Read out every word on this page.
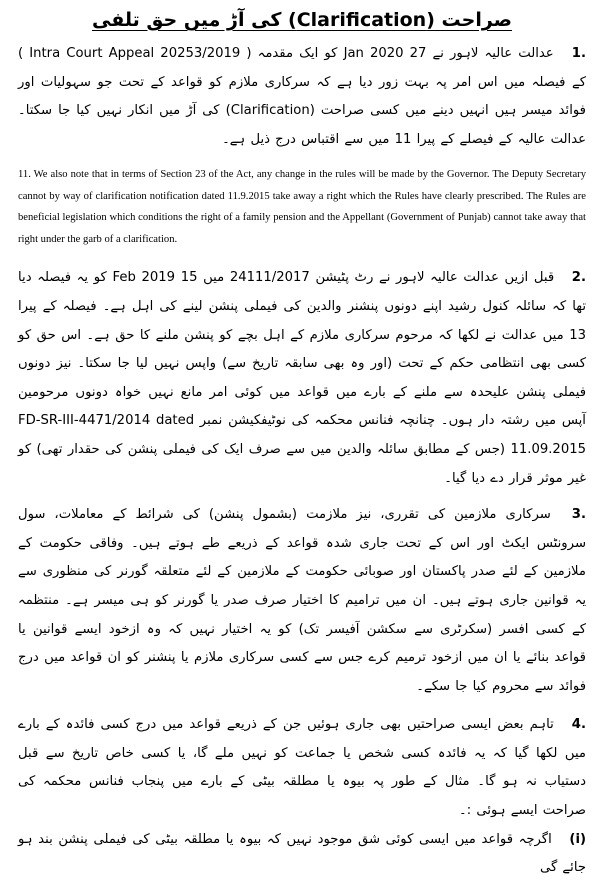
صراحت (Clarification) کی آڑ میں حق تلفی

.1 عدالت عالیہ لاہور نے 27 Jan 2020 کو ایک مقدمہ ( Intra Court Appeal 20253/2019 ) کے فیصلہ میں اس امر پہ بہت زور دیا ہے کہ سرکاری ملازم کو قواعد کے تحت جو سہولیات اور فوائد میسر ہیں انہیں دینے میں کسی صراحت (Clarification) کی آڑ میں انکار نہیں کیا جا سکتا۔ عدالت عالیہ کے فیصلے کے پیرا 11 میں سے اقتباس درج ذیل ہے۔

11. We also note that in terms of Section 23 of the Act, any change in the rules will be made by the Governor. The Deputy Secretary cannot by way of clarification notification dated 11.9.2015 take away a right which the Rules have clearly prescribed. The Rules are beneficial legislation which conditions the right of a family pension and the Appellant (Government of Punjab) cannot take away that right under the garb of a clarification.

.2 قبل ازیں عدالت عالیہ لاہور نے رٹ پٹیشن 24111/2017 میں 15 Feb 2019 کو یہ فیصلہ دیا تھا کہ سائلہ کنول رشید اپنے دونوں پنشنر والدین کی فیملی پنشن لینے کی اہل ہے۔ فیصلہ کے پیرا 13 میں عدالت نے لکھا کہ مرحوم سرکاری ملازم کے اہل بچے کو پنشن ملنے کا حق ہے۔ اس حق کو کسی بھی انتظامی حکم کے تحت (اور وہ بھی سابقہ تاریخ سے) واپس نہیں لیا جا سکتا۔ نیز دونوں فیملی پنشن علیحدہ سے ملنے کے بارے میں قواعد میں کوئی امر مانع نہیں خواہ دونوں مرحومین آپس میں رشتہ دار ہوں۔ چنانچہ فنانس محکمہ کی نوٹیفکیشن نمبر FD-SR-III-4471/2014 dated 11.09.2015 (جس کے مطابق سائلہ والدین میں سے صرف ایک کی فیملی پنشن کی حقدار تھی) کو غیر موثر قرار دے دیا گیا۔

.3 سرکاری ملازمین کی تقرری، نیز ملازمت (بشمول پنشن) کی شرائط کے معاملات، سول سرونٹس ایکٹ اور اس کے تحت جاری شدہ قواعد کے ذریعے طے ہوتے ہیں۔ وفاقی حکومت کے ملازمین کے لئے صدر پاکستان اور صوبائی حکومت کے ملازمین کے لئے متعلقہ گورنر کی منظوری سے یہ قوانین جاری ہوتے ہیں۔ ان میں ترامیم کا اختیار صرف صدر یا گورنر کو ہی میسر ہے۔ منتظمہ کے کسی افسر (سکرٹری سے سکشن آفیسر تک) کو یہ اختیار نہیں کہ وہ ازخود ایسے قوانین یا قواعد بنائے یا ان میں ازخود ترمیم کرے جس سے کسی سرکاری ملازم یا پنشنر کو ان قواعد میں درج فوائد سے محروم کیا جا سکے۔

.4 تاہم بعض ایسی صراحتیں بھی جاری ہوئیں جن کے ذریعے قواعد میں درج کسی فائدہ کے بارے میں لکھا گیا کہ یہ فائدہ کسی شخص یا جماعت کو نہیں ملے گا، یا کسی خاص تاریخ سے قبل دستیاب نہ ہو گا۔ مثال کے طور پہ بیوہ یا مطلقہ بیٹی کے بارے میں پنجاب فنانس محکمہ کی صراحت ایسے ہوئی :۔

(i) اگرچہ قواعد میں ایسی کوئی شق موجود نہیں کہ بیوہ یا مطلقہ بیٹی کی فیملی پنشن بند ہو جائے گی
